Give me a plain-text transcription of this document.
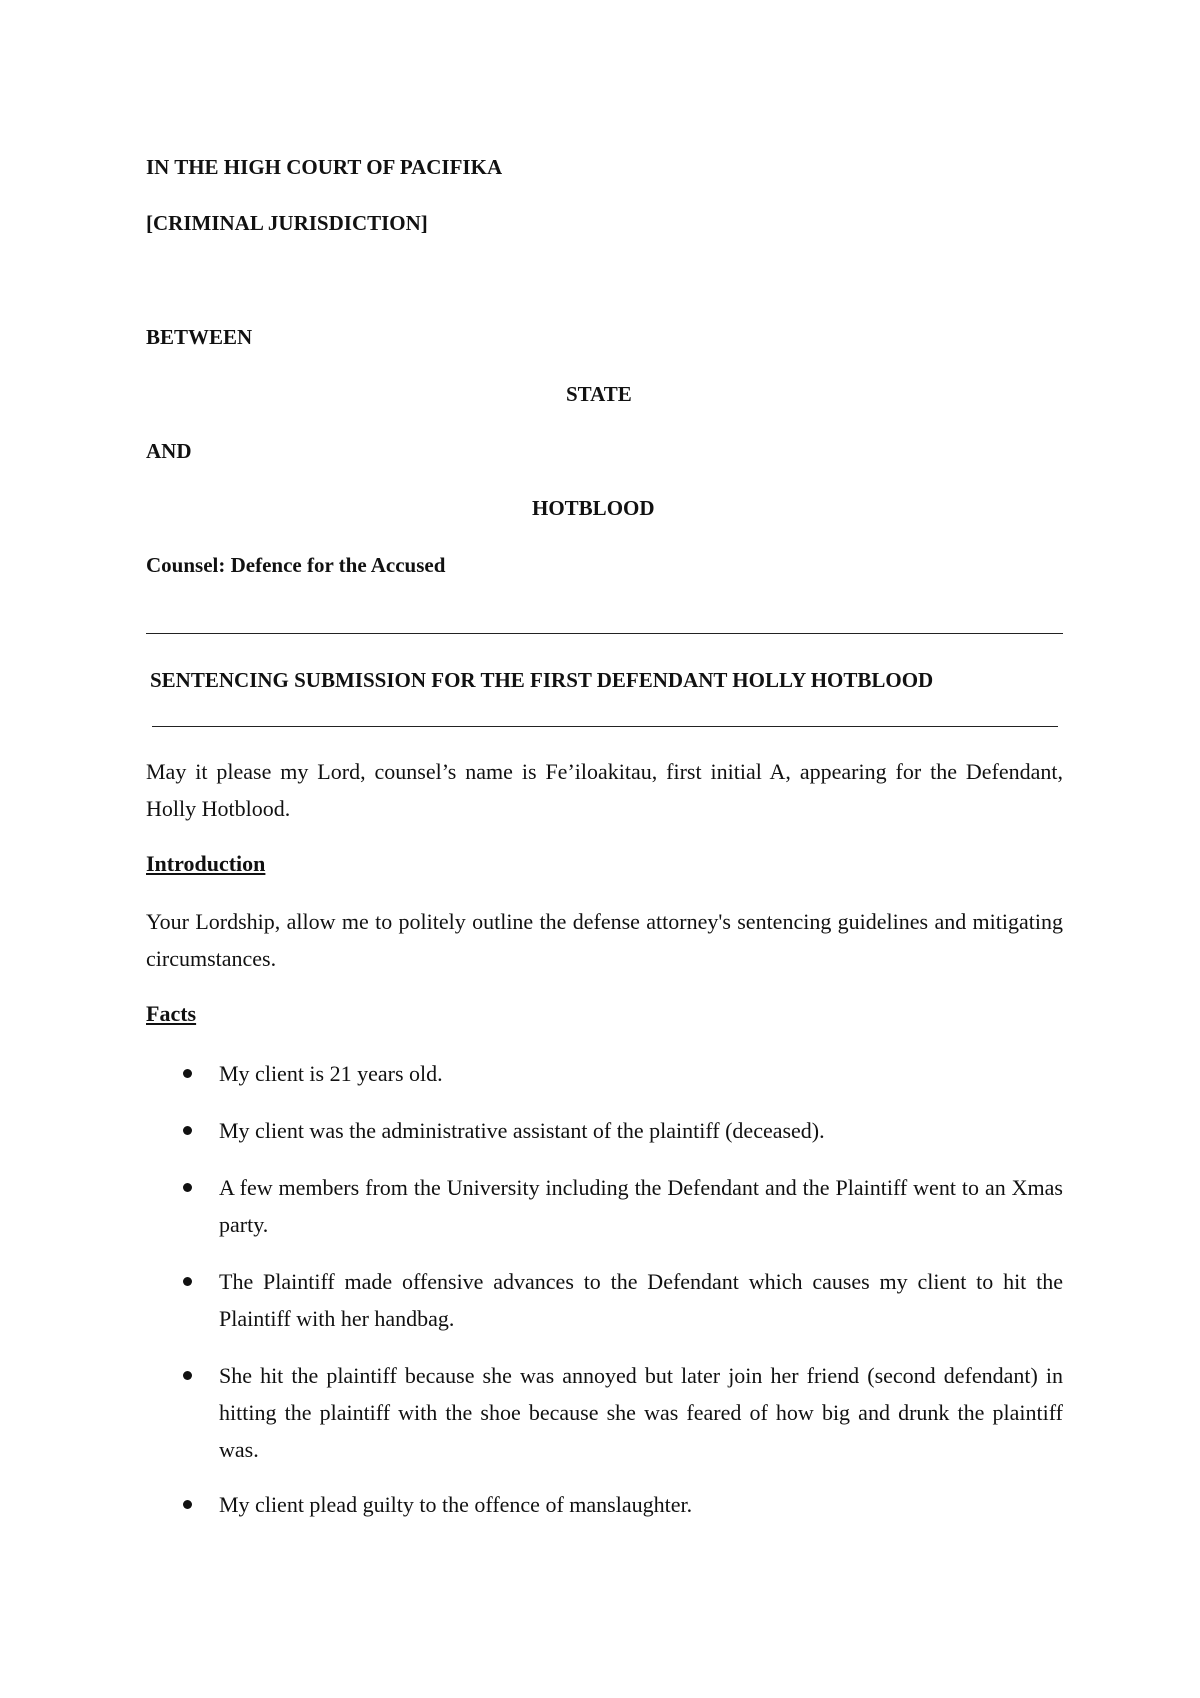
IN THE HIGH COURT OF PACIFIKA

[CRIMINAL JURISDICTION]

BETWEEN

STATE

AND

HOTBLOOD

Counsel: Defence for the Accused

SENTENCING SUBMISSION FOR THE FIRST DEFENDANT HOLLY HOTBLOOD

May it please my Lord, counsel’s name is Fe’iloakitau, first initial A, appearing for the Defendant, Holly Hotblood.

Introduction

Your Lordship, allow me to politely outline the defense attorney's sentencing guidelines and mitigating circumstances.

Facts

My client is 21 years old.

My client was the administrative assistant of the plaintiff (deceased).

A few members from the University including the Defendant and the Plaintiff went to an Xmas party.

The Plaintiff made offensive advances to the Defendant which causes my client to hit the Plaintiff with her handbag.

She hit the plaintiff because she was annoyed but later join her friend (second defendant) in hitting the plaintiff with the shoe because she was feared of how big and drunk the plaintiff was.

My client plead guilty to the offence of manslaughter.
